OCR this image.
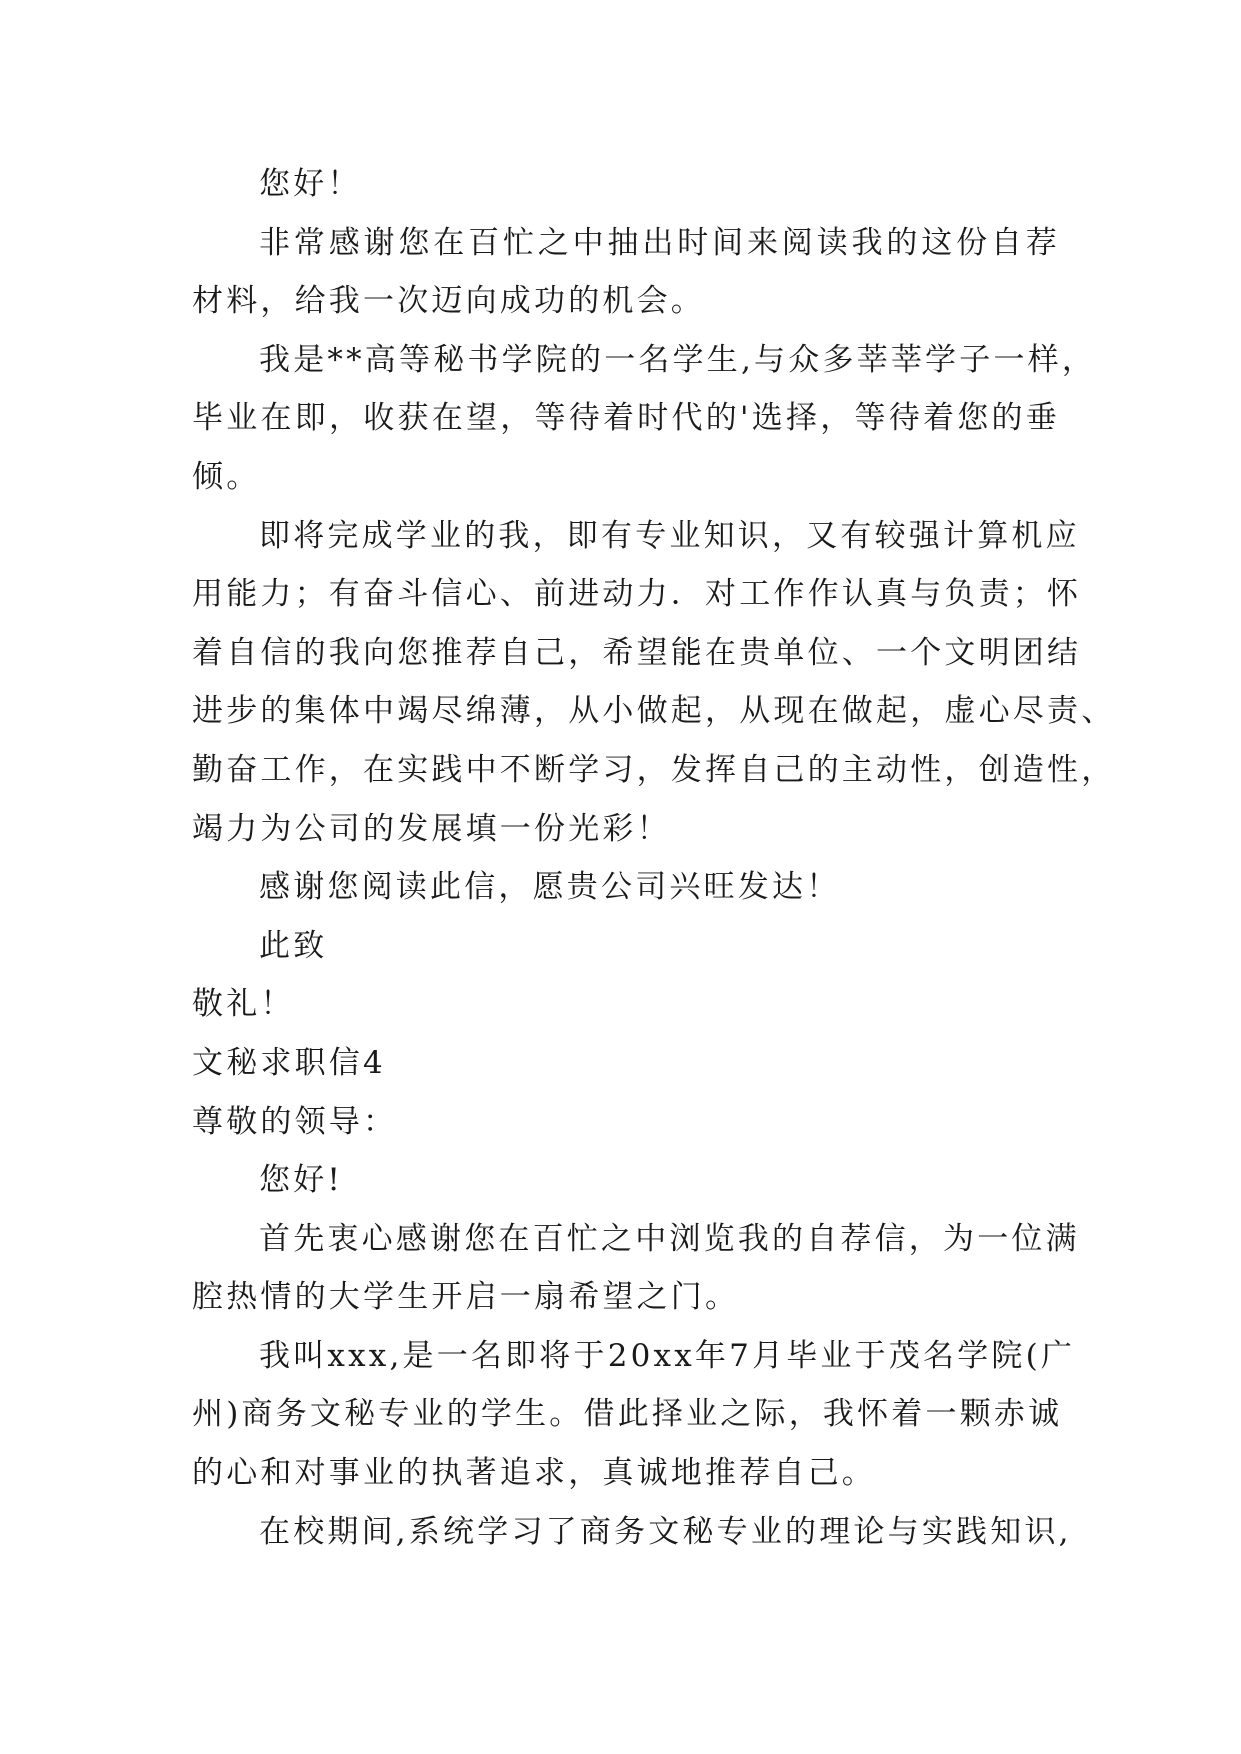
您好！
非常感谢您在百忙之中抽出时间来阅读我的这份自荐
材料，给我一次迈向成功的机会。
我是**高等秘书学院的一名学生,与众多莘莘学子一样，
毕业在即，收获在望，等待着时代的'选择，等待着您的垂
倾。
即将完成学业的我，即有专业知识，又有较强计算机应
用能力；有奋斗信心、前进动力．对工作作认真与负责；怀
着自信的我向您推荐自己，希望能在贵单位、一个文明团结
进步的集体中竭尽绵薄，从小做起，从现在做起，虚心尽责、
勤奋工作，在实践中不断学习，发挥自己的主动性，创造性，
竭力为公司的发展填一份光彩！
感谢您阅读此信，愿贵公司兴旺发达！
此致
敬礼！
文秘求职信4
尊敬的领导：
您好!
首先衷心感谢您在百忙之中浏览我的自荐信，为一位满
腔热情的大学生开启一扇希望之门。
我叫xxx,是一名即将于20xx年7月毕业于茂名学院(广
州)商务文秘专业的学生。借此择业之际，我怀着一颗赤诚
的心和对事业的执著追求，真诚地推荐自己。
在校期间,系统学习了商务文秘专业的理论与实践知识,
